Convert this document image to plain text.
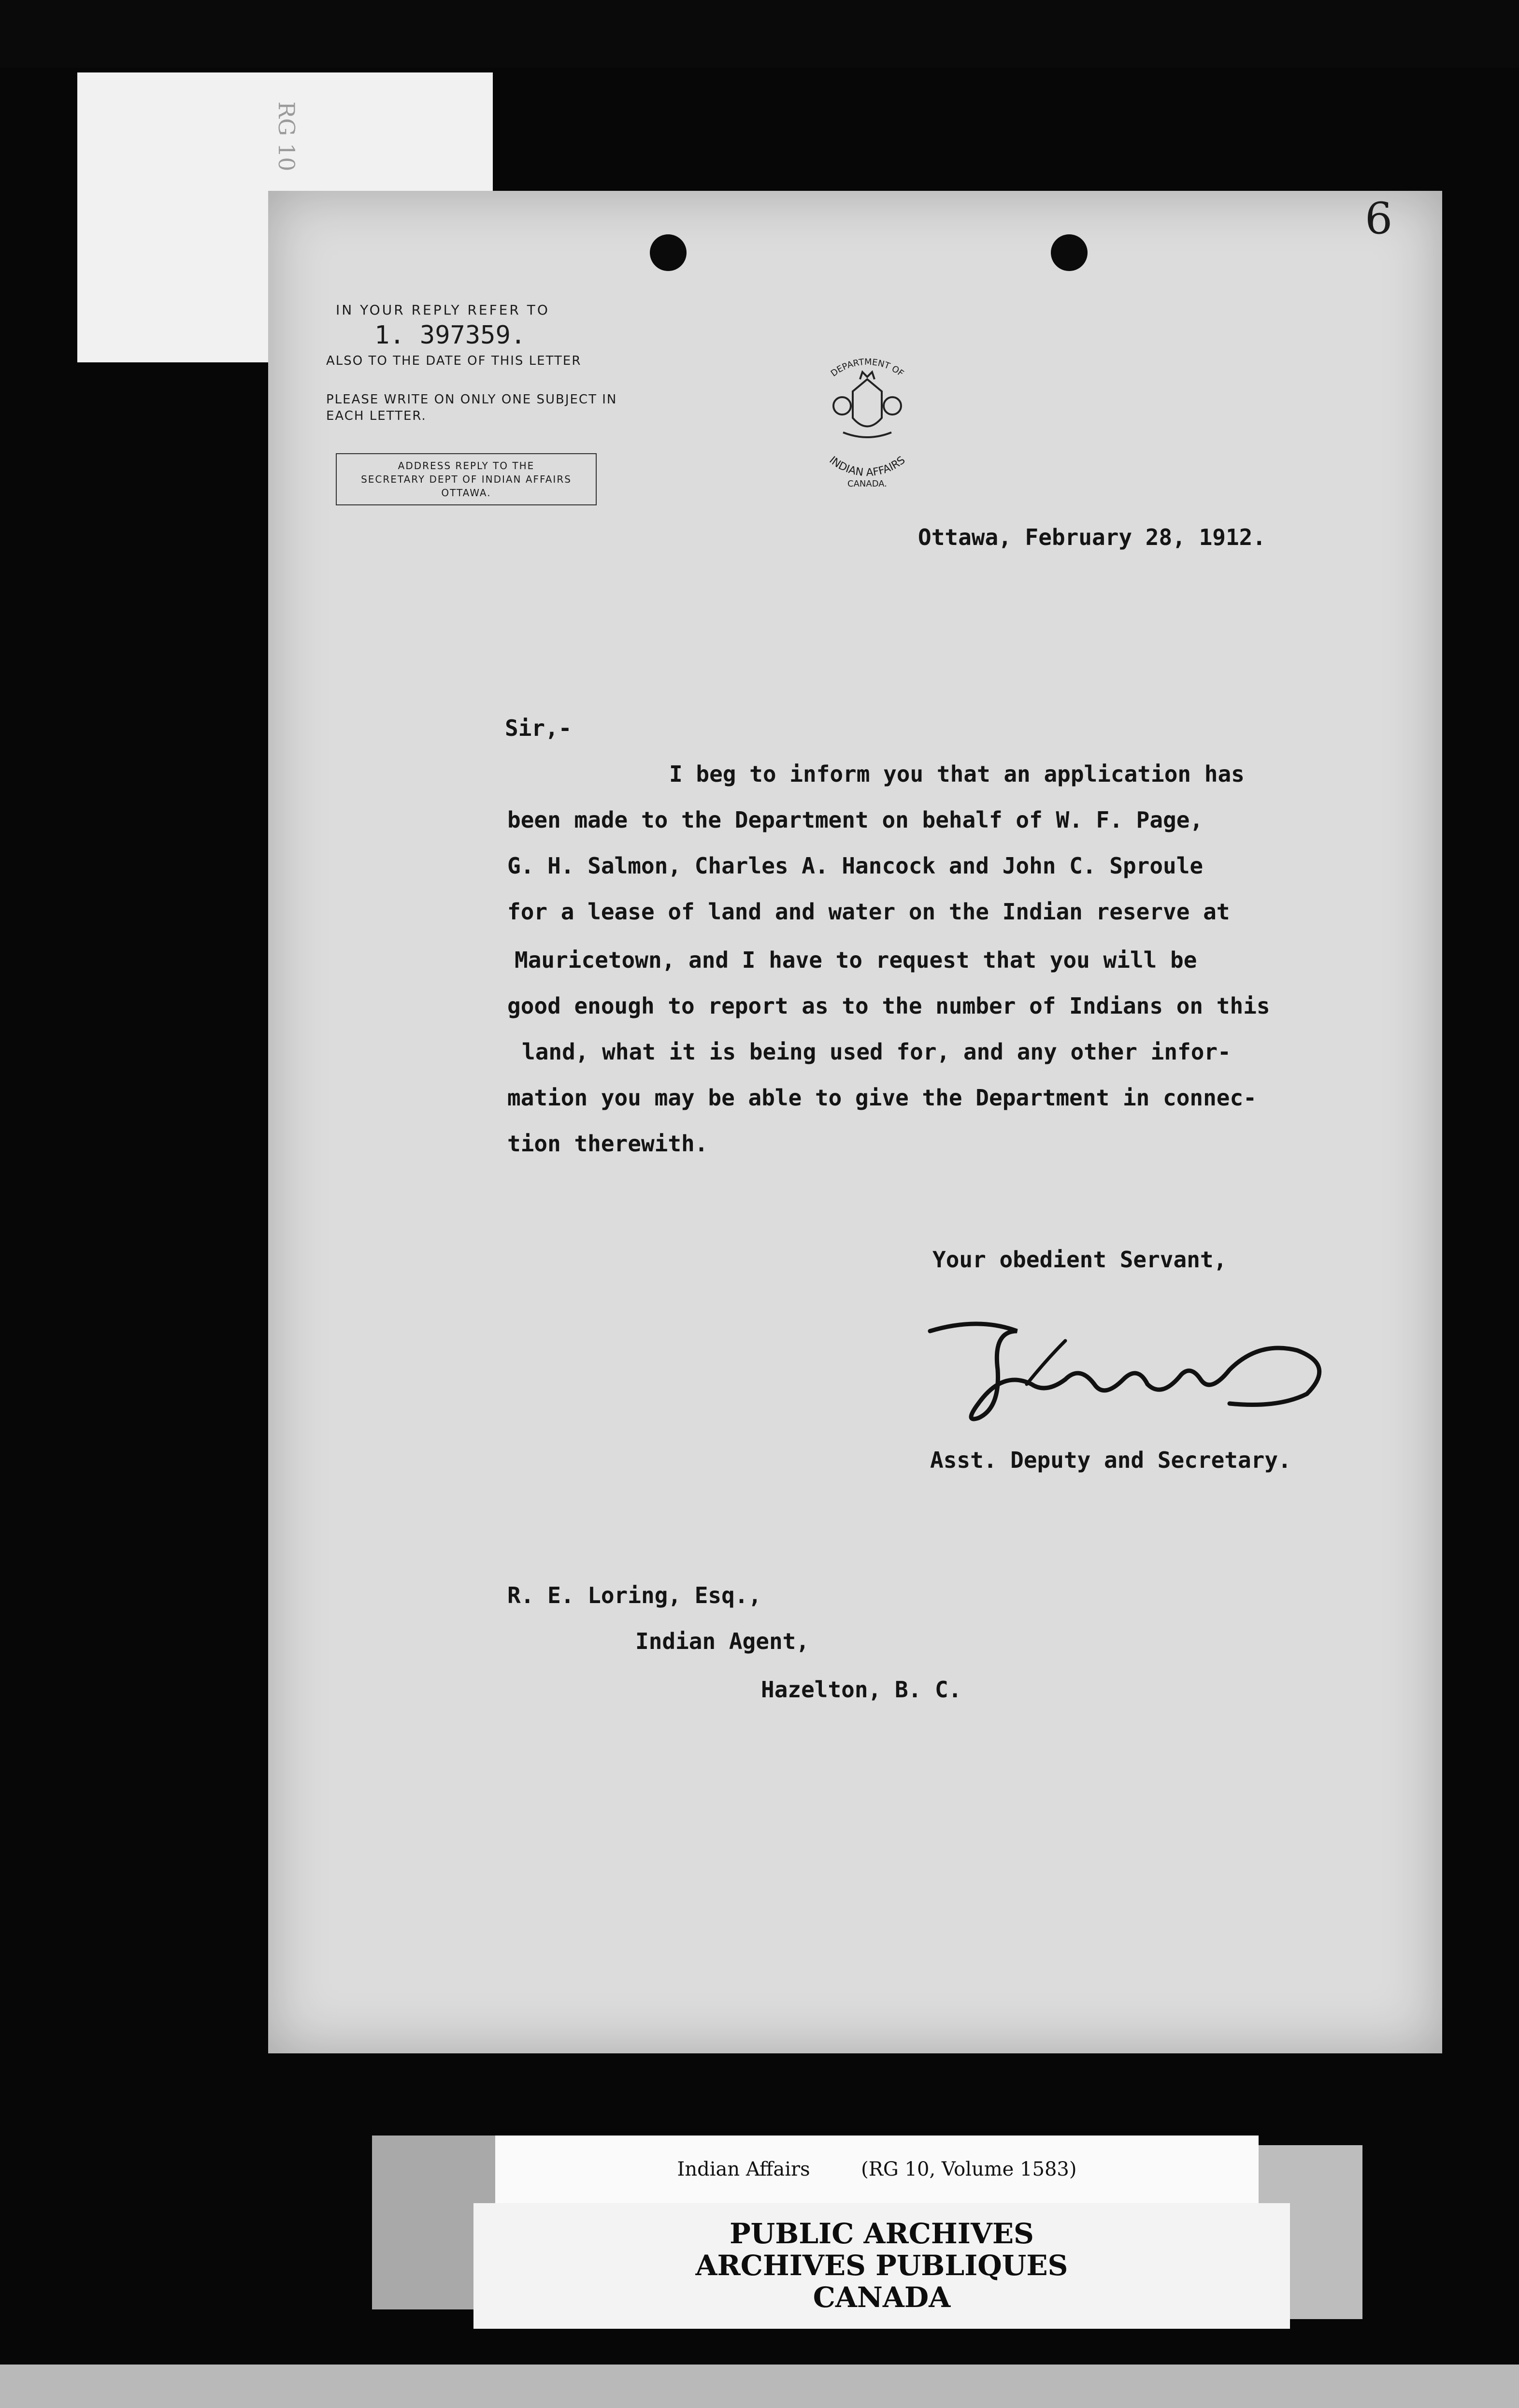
RG 10
6
IN YOUR REPLY REFER TO
1. 397359.
ALSO TO THE DATE OF THIS LETTER
PLEASE WRITE ON ONLY ONE SUBJECT IN EACH LETTER.
ADDRESS REPLY TO THE
SECRETARY DEPT OF INDIAN AFFAIRS
OTTAWA.
DEPARTMENT OF
INDIAN AFFAIRS
CANADA.
Ottawa, February 28, 1912.
Sir,-
I beg to inform you that an application has
been made to the Department on behalf of W. F. Page,
G. H. Salmon, Charles A. Hancock and John C. Sproule
for a lease of land and water on the Indian reserve at
Mauricetown, and I have to request that you will be
good enough to report as to the number of Indians on this
land, what it is being used for, and any other infor-
mation you may be able to give the Department in connec-
tion therewith.
Your obedient Servant,
Asst. Deputy and Secretary.
R. E. Loring, Esq.,
Indian Agent,
Hazelton, B. C.
Indian Affairs	(RG 10, Volume 1583)
PUBLIC ARCHIVES
ARCHIVES PUBLIQUES
CANADA
